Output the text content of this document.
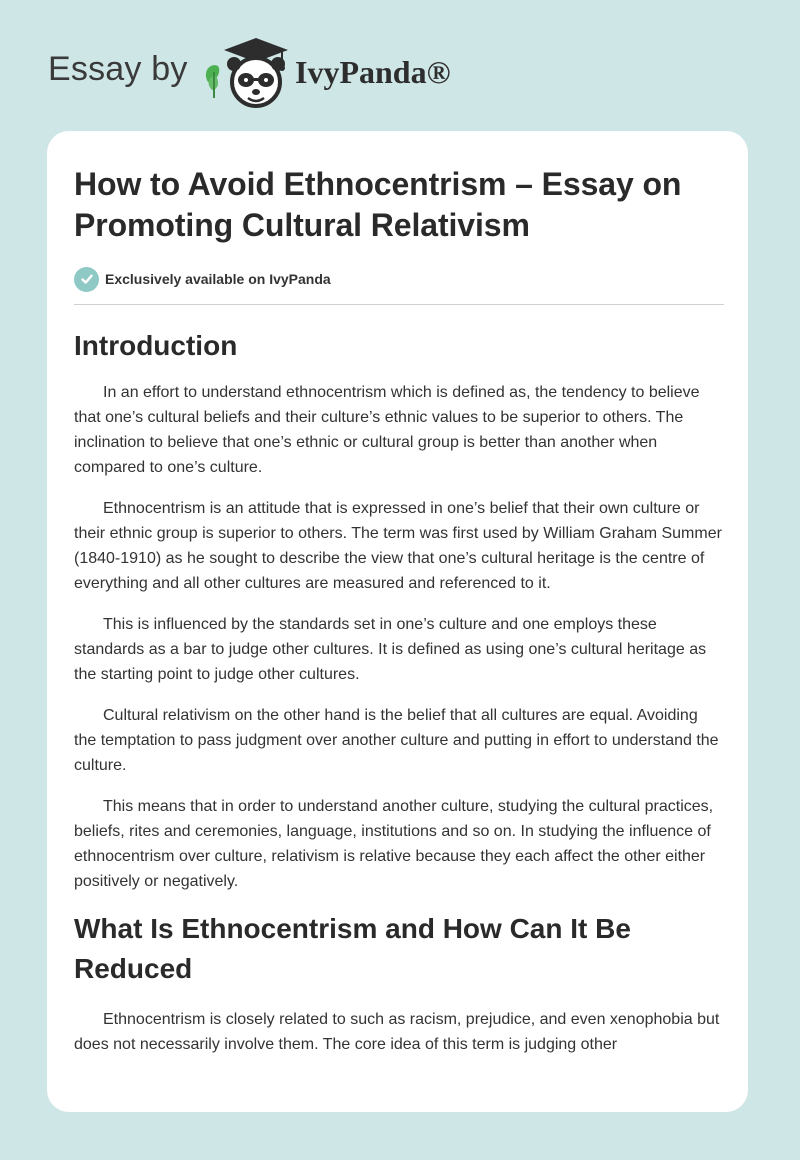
Essay by	IvyPanda®
How to Avoid Ethnocentrism – Essay on Promoting Cultural Relativism
Exclusively available on IvyPanda
Introduction

In an effort to understand ethnocentrism which is defined as, the tendency to believe that one’s cultural beliefs and their culture’s ethnic values to be superior to others. The inclination to believe that one’s ethnic or cultural group is better than another when compared to one’s culture.

Ethnocentrism is an attitude that is expressed in one’s belief that their own culture or their ethnic group is superior to others. The term was first used by William Graham Summer (1840-1910) as he sought to describe the view that one’s cultural heritage is the centre of everything and all other cultures are measured and referenced to it.

This is influenced by the standards set in one’s culture and one employs these standards as a bar to judge other cultures. It is defined as using one’s cultural heritage as the starting point to judge other cultures.

Cultural relativism on the other hand is the belief that all cultures are equal. Avoiding the temptation to pass judgment over another culture and putting in effort to understand the culture.

This means that in order to understand another culture, studying the cultural practices, beliefs, rites and ceremonies, language, institutions and so on. In studying the influence of ethnocentrism over culture, relativism is relative because they each affect the other either positively or negatively.

What Is Ethnocentrism and How Can It Be Reduced

Ethnocentrism is closely related to such as racism, prejudice, and even xenophobia but does not necessarily involve them. The core idea of this term is judging other
